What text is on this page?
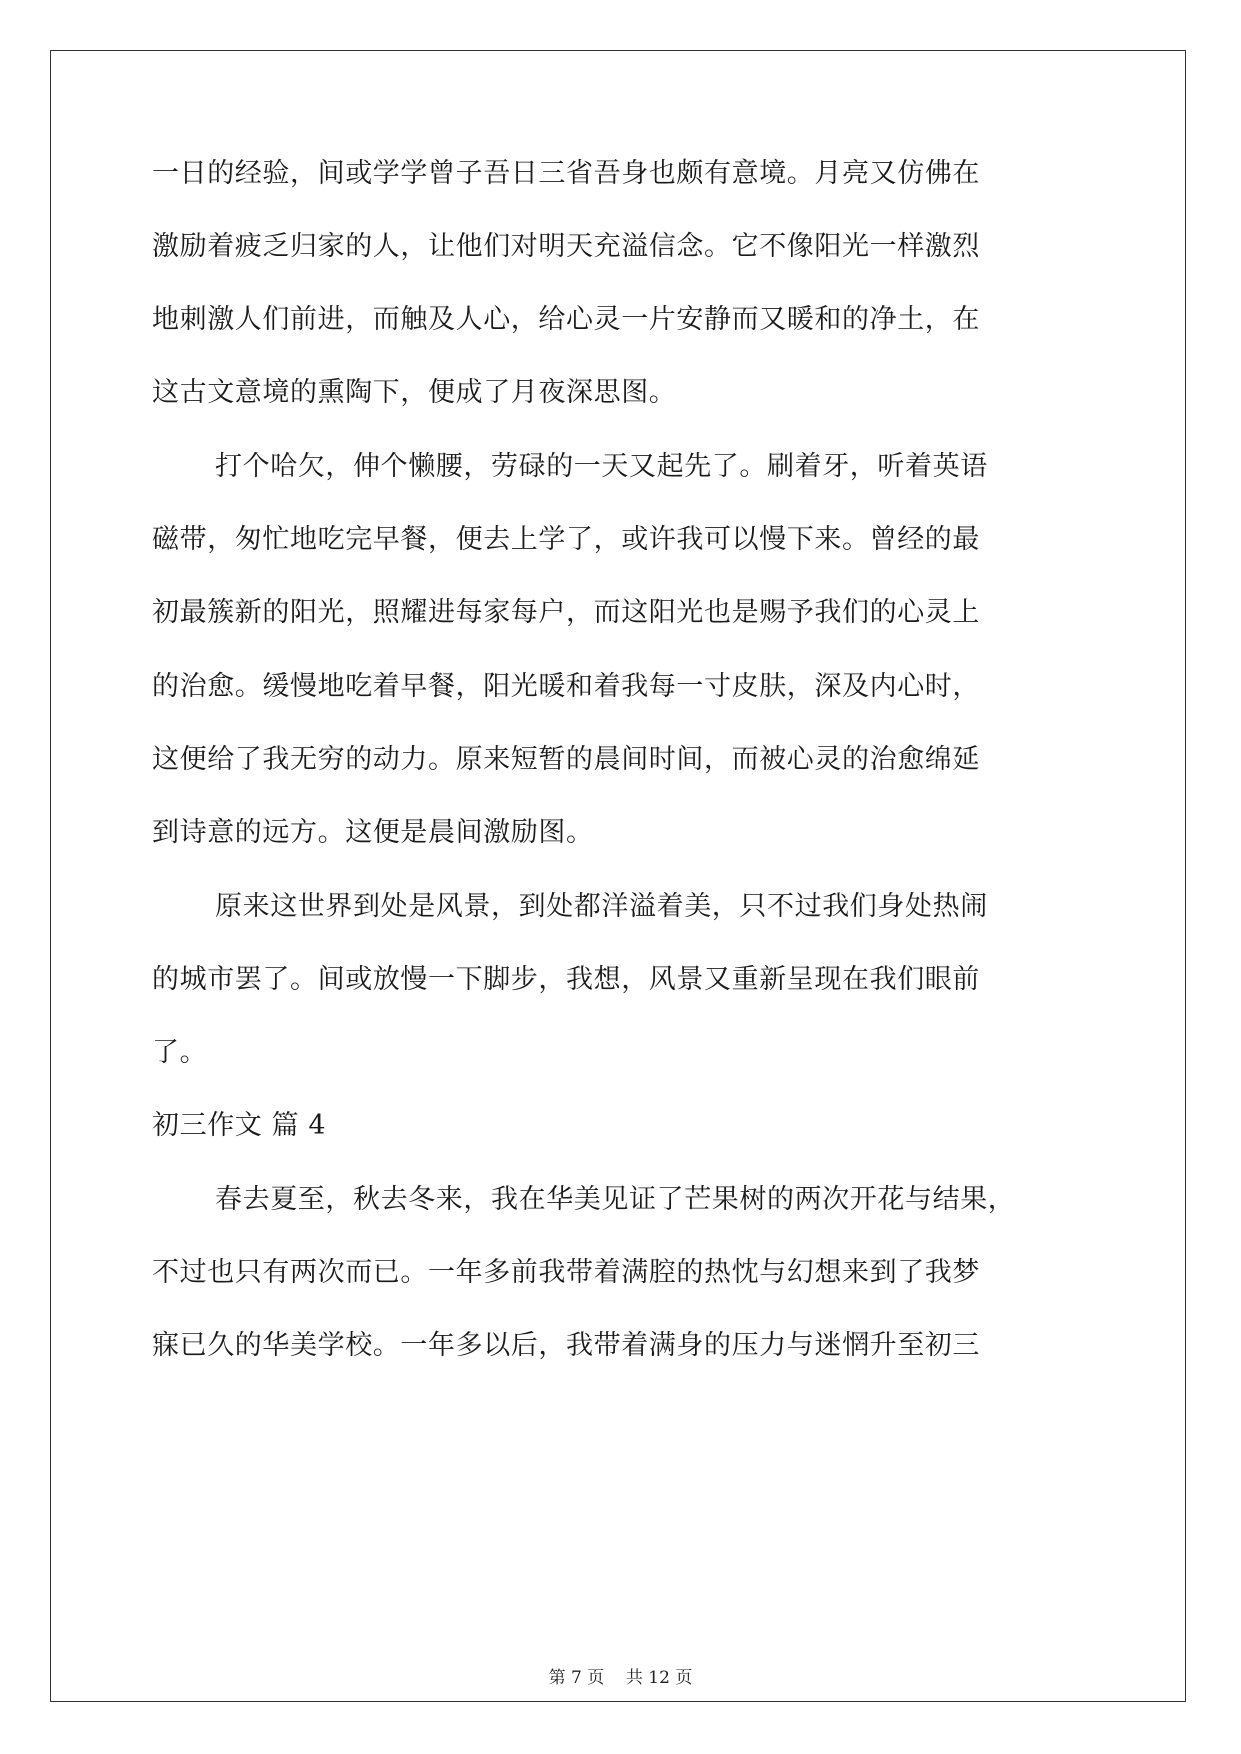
一日的经验，间或学学曾子吾日三省吾身也颇有意境。月亮又仿佛在
激励着疲乏归家的人，让他们对明天充溢信念。它不像阳光一样激烈
地刺激人们前进，而触及人心，给心灵一片安静而又暖和的净土，在
这古文意境的熏陶下，便成了月夜深思图。
打个哈欠，伸个懒腰，劳碌的一天又起先了。刷着牙，听着英语
磁带，匆忙地吃完早餐，便去上学了，或许我可以慢下来。曾经的最
初最簇新的阳光，照耀进每家每户，而这阳光也是赐予我们的心灵上
的治愈。缓慢地吃着早餐，阳光暖和着我每一寸皮肤，深及内心时，
这便给了我无穷的动力。原来短暂的晨间时间，而被心灵的治愈绵延
到诗意的远方。这便是晨间激励图。
原来这世界到处是风景，到处都洋溢着美，只不过我们身处热闹
的城市罢了。间或放慢一下脚步，我想，风景又重新呈现在我们眼前
了。
初三作文 篇 4
春去夏至，秋去冬来，我在华美见证了芒果树的两次开花与结果，
不过也只有两次而已。一年多前我带着满腔的热忱与幻想来到了我梦
寐已久的华美学校。一年多以后，我带着满身的压力与迷惘升至初三
第 7 页    共 12 页
